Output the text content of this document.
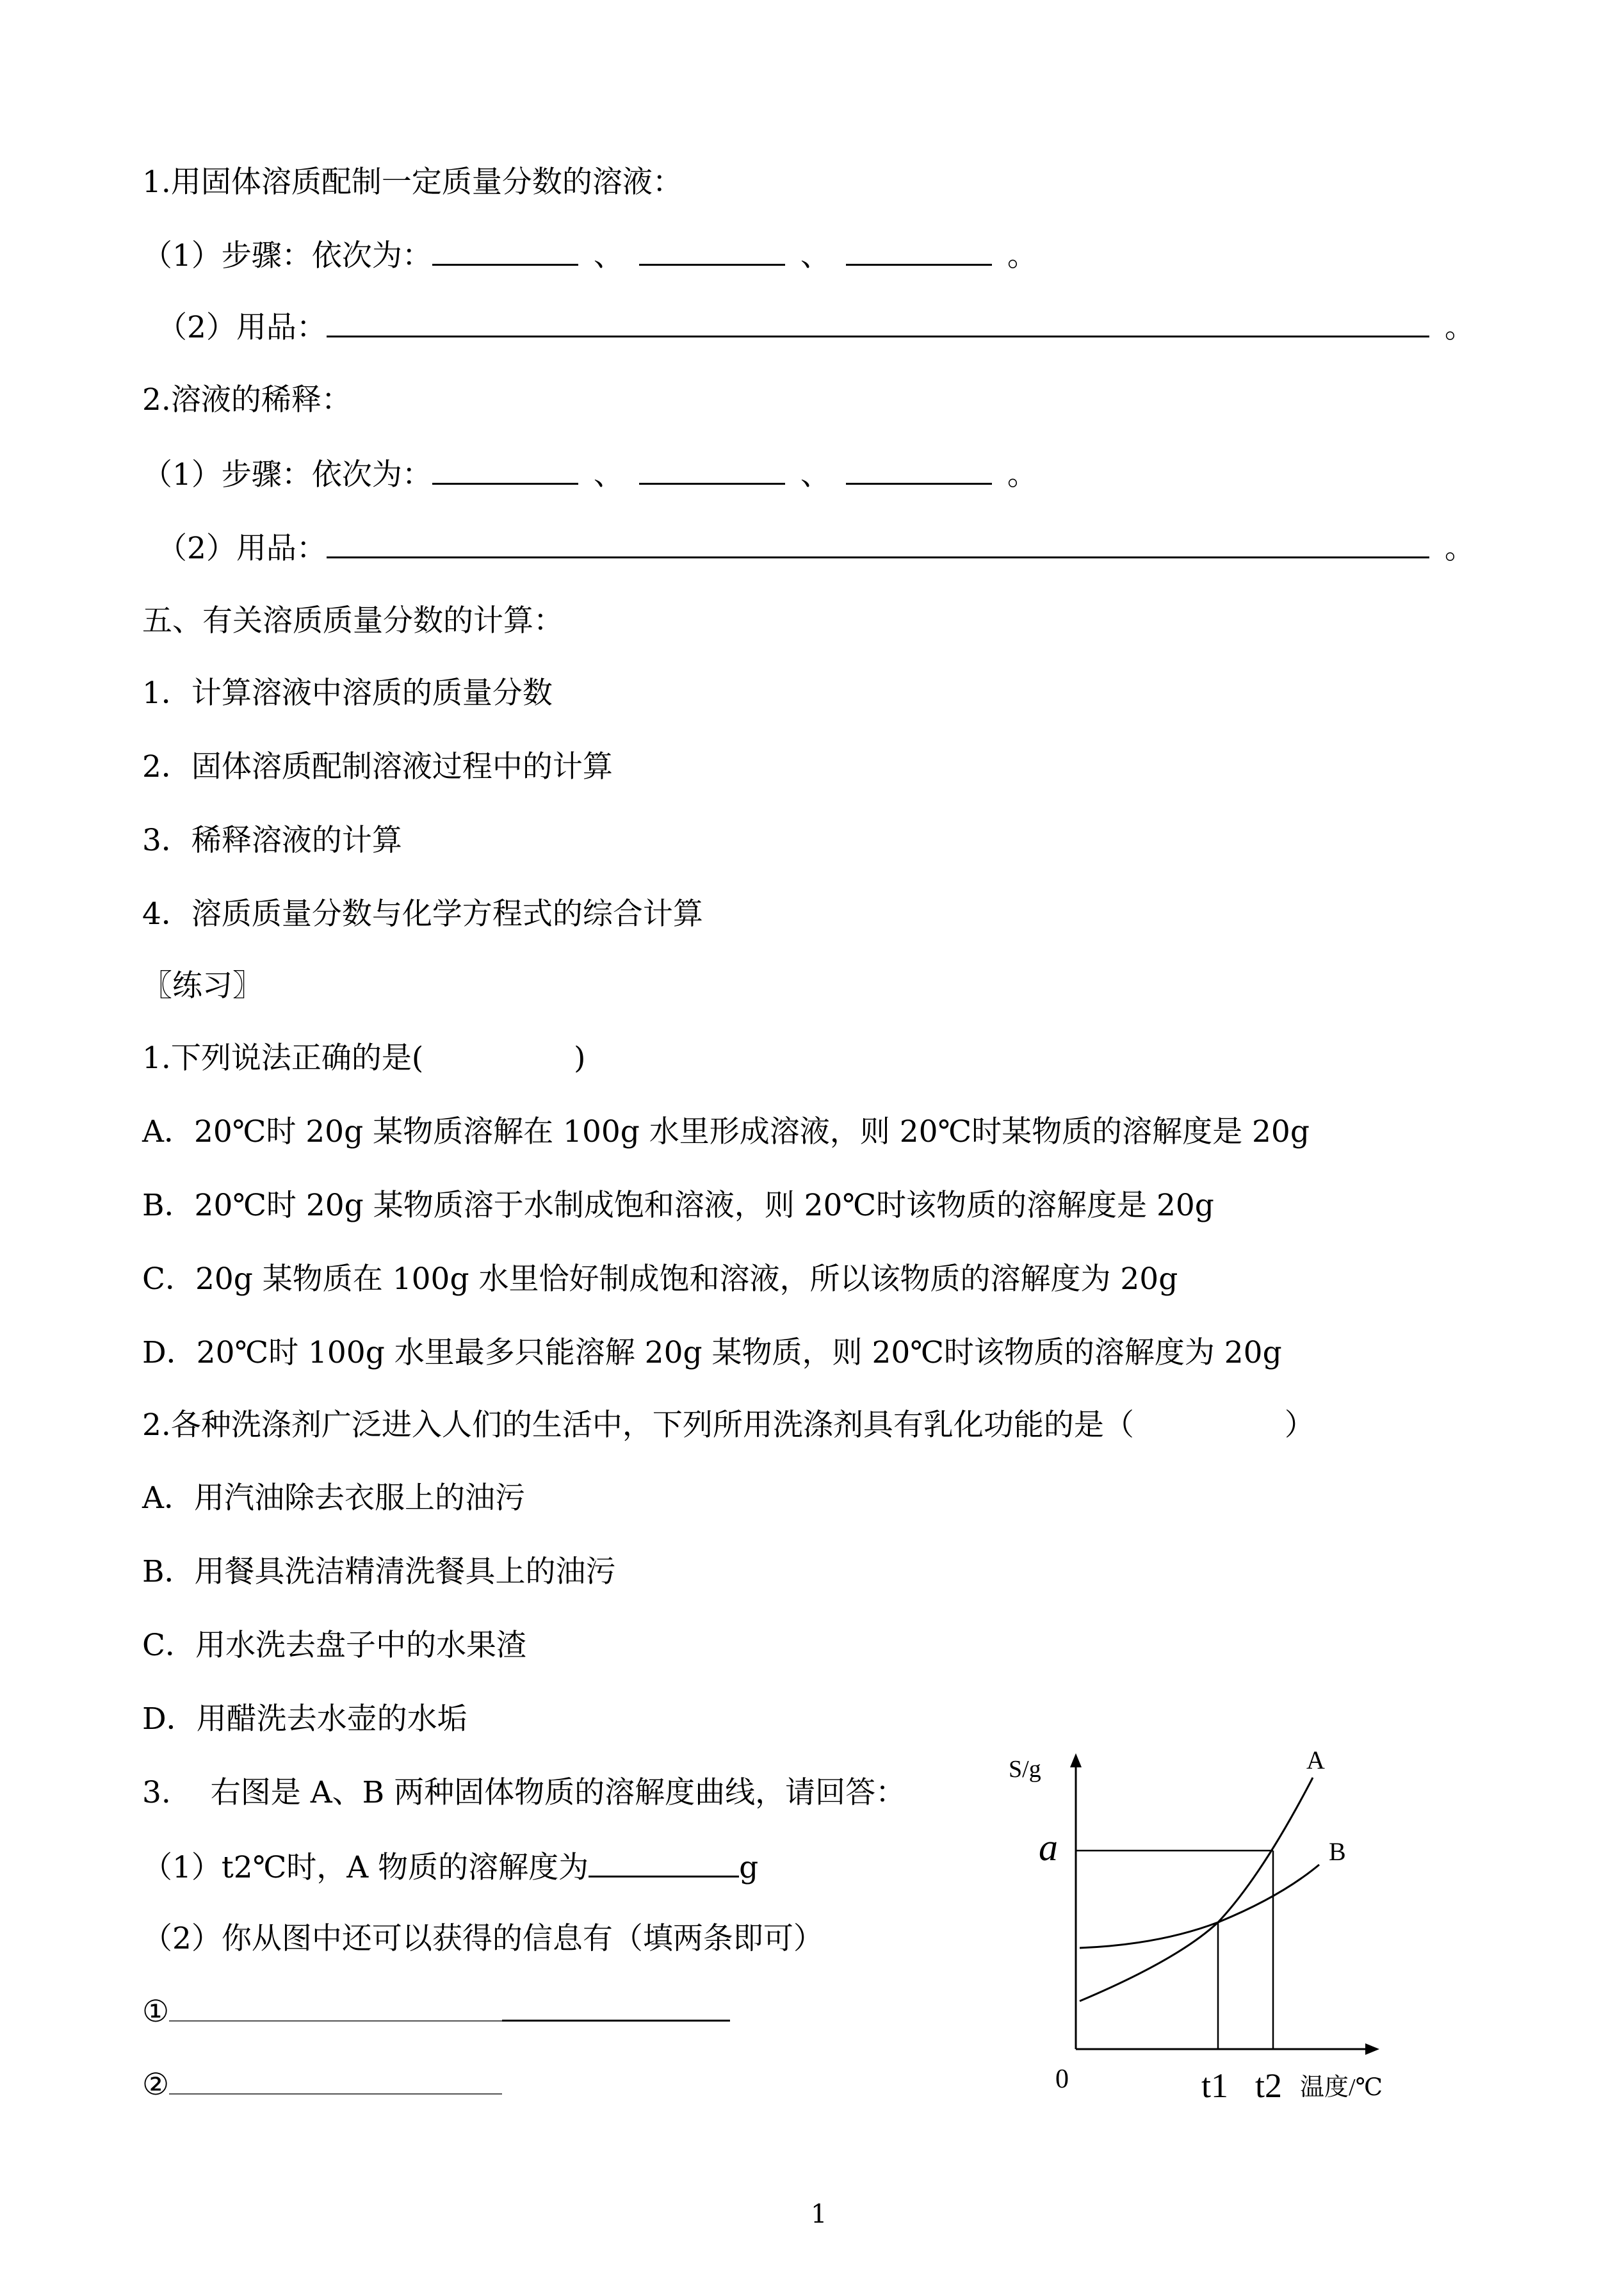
1.用固体溶质配制一定质量分数的溶液：
（1）步骤：依次为：	、	、	。
（2）用品：	。
2.溶液的稀释：
（1）步骤：依次为：	、	、	。
（2）用品：	。
五、有关溶质质量分数的计算：
1．计算溶液中溶质的质量分数
2．固体溶质配制溶液过程中的计算
3．稀释溶液的计算
4．溶质质量分数与化学方程式的综合计算
〖练习〗
1.下列说法正确的是(　　　　　)
A．20℃时 20g 某物质溶解在 100g 水里形成溶液，则 20℃时某物质的溶解度是 20g
B．20℃时 20g 某物质溶于水制成饱和溶液，则 20℃时该物质的溶解度是 20g
C．20g 某物质在 100g 水里恰好制成饱和溶液，所以该物质的溶解度为 20g
D．20℃时 100g 水里最多只能溶解 20g 某物质，则 20℃时该物质的溶解度为 20g
2.各种洗涤剂广泛进入人们的生活中，下列所用洗涤剂具有乳化功能的是（　　　　　）
A．用汽油除去衣服上的油污
B．用餐具洗洁精清洗餐具上的油污
C．用水洗去盘子中的水果渣
D．用醋洗去水壶的水垢
3.　 右图是 A、B 两种固体物质的溶解度曲线，请回答：
（1）t2℃时，A 物质的溶解度为	g
（2）你从图中还可以获得的信息有（填两条即可）
①
②
S/g
温度/℃
0
a
t1 t2
A
B
1
